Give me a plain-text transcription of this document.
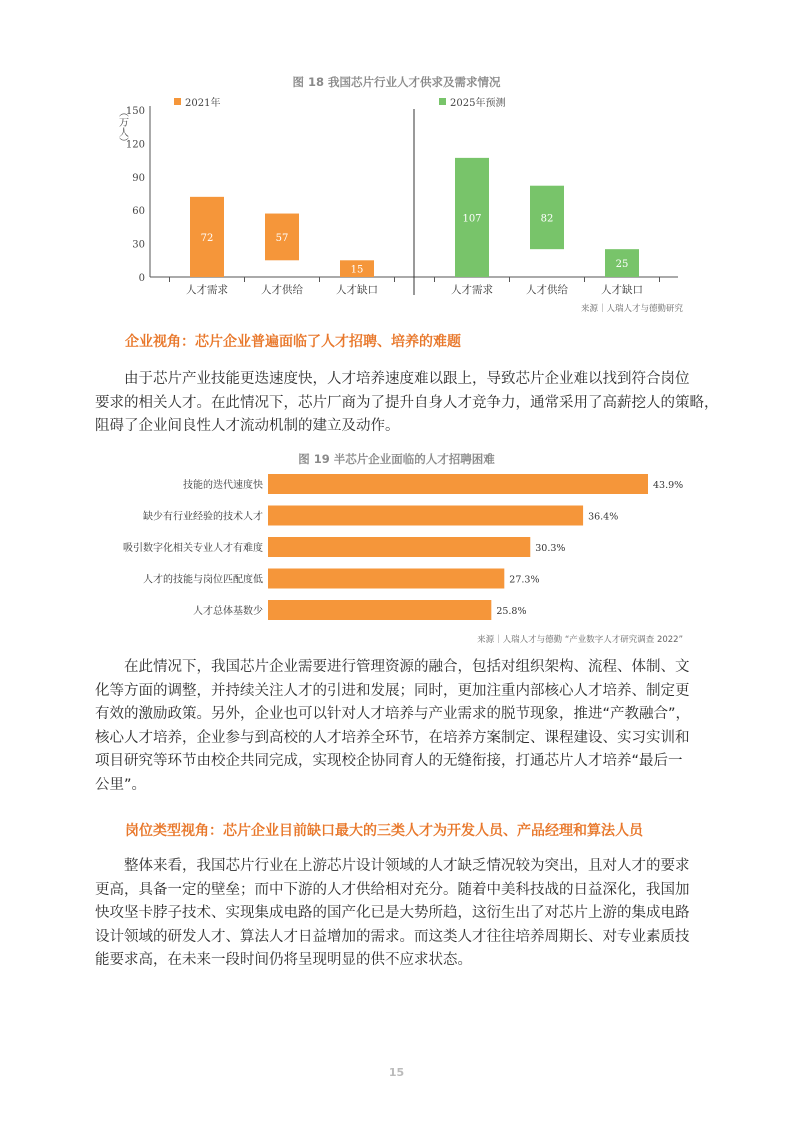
图 18 我国芯片行业人才供求及需求情况
（万人）
0
30
60
90
120
150
2021年
72
人才需求
57
人才供给
15
人才缺口
2025年预测
107
人才需求
82
人才供给
25
人才缺口
来源｜人瑞人才与德勤研究
企业视角：芯片企业普遍面临了人才招聘、培养的难题
由于芯片产业技能更迭速度快，人才培养速度难以跟上，导致芯片企业难以找到符合岗位
要求的相关人才。在此情况下，芯片厂商为了提升自身人才竞争力，通常采用了高薪挖人的策略，
阻碍了企业间良性人才流动机制的建立及动作。
图 19 半芯片企业面临的人才招聘困难
技能的迭代速度快	43.9%
缺少有行业经验的技术人才	36.4%
吸引数字化相关专业人才有难度	30.3%
人才的技能与岗位匹配度低	27.3%
人才总体基数少	25.8%
来源｜人瑞人才与德勤 “产业数字人才研究调查 2022”
在此情况下，我国芯片企业需要进行管理资源的融合，包括对组织架构、流程、体制、文
化等方面的调整，并持续关注人才的引进和发展；同时，更加注重内部核心人才培养、制定更
有效的激励政策。另外，企业也可以针对人才培养与产业需求的脱节现象，推进“产教融合”，
核心人才培养，企业参与到高校的人才培养全环节，在培养方案制定、课程建设、实习实训和
项目研究等环节由校企共同完成，实现校企协同育人的无缝衔接，打通芯片人才培养“最后一
公里”。
岗位类型视角：芯片企业目前缺口最大的三类人才为开发人员、产品经理和算法人员
整体来看，我国芯片行业在上游芯片设计领域的人才缺乏情况较为突出，且对人才的要求
更高，具备一定的壁垒；而中下游的人才供给相对充分。随着中美科技战的日益深化，我国加
快攻坚卡脖子技术、实现集成电路的国产化已是大势所趋，这衍生出了对芯片上游的集成电路
设计领域的研发人才、算法人才日益增加的需求。而这类人才往往培养周期长、对专业素质技
能要求高，在未来一段时间仍将呈现明显的供不应求状态。
15
